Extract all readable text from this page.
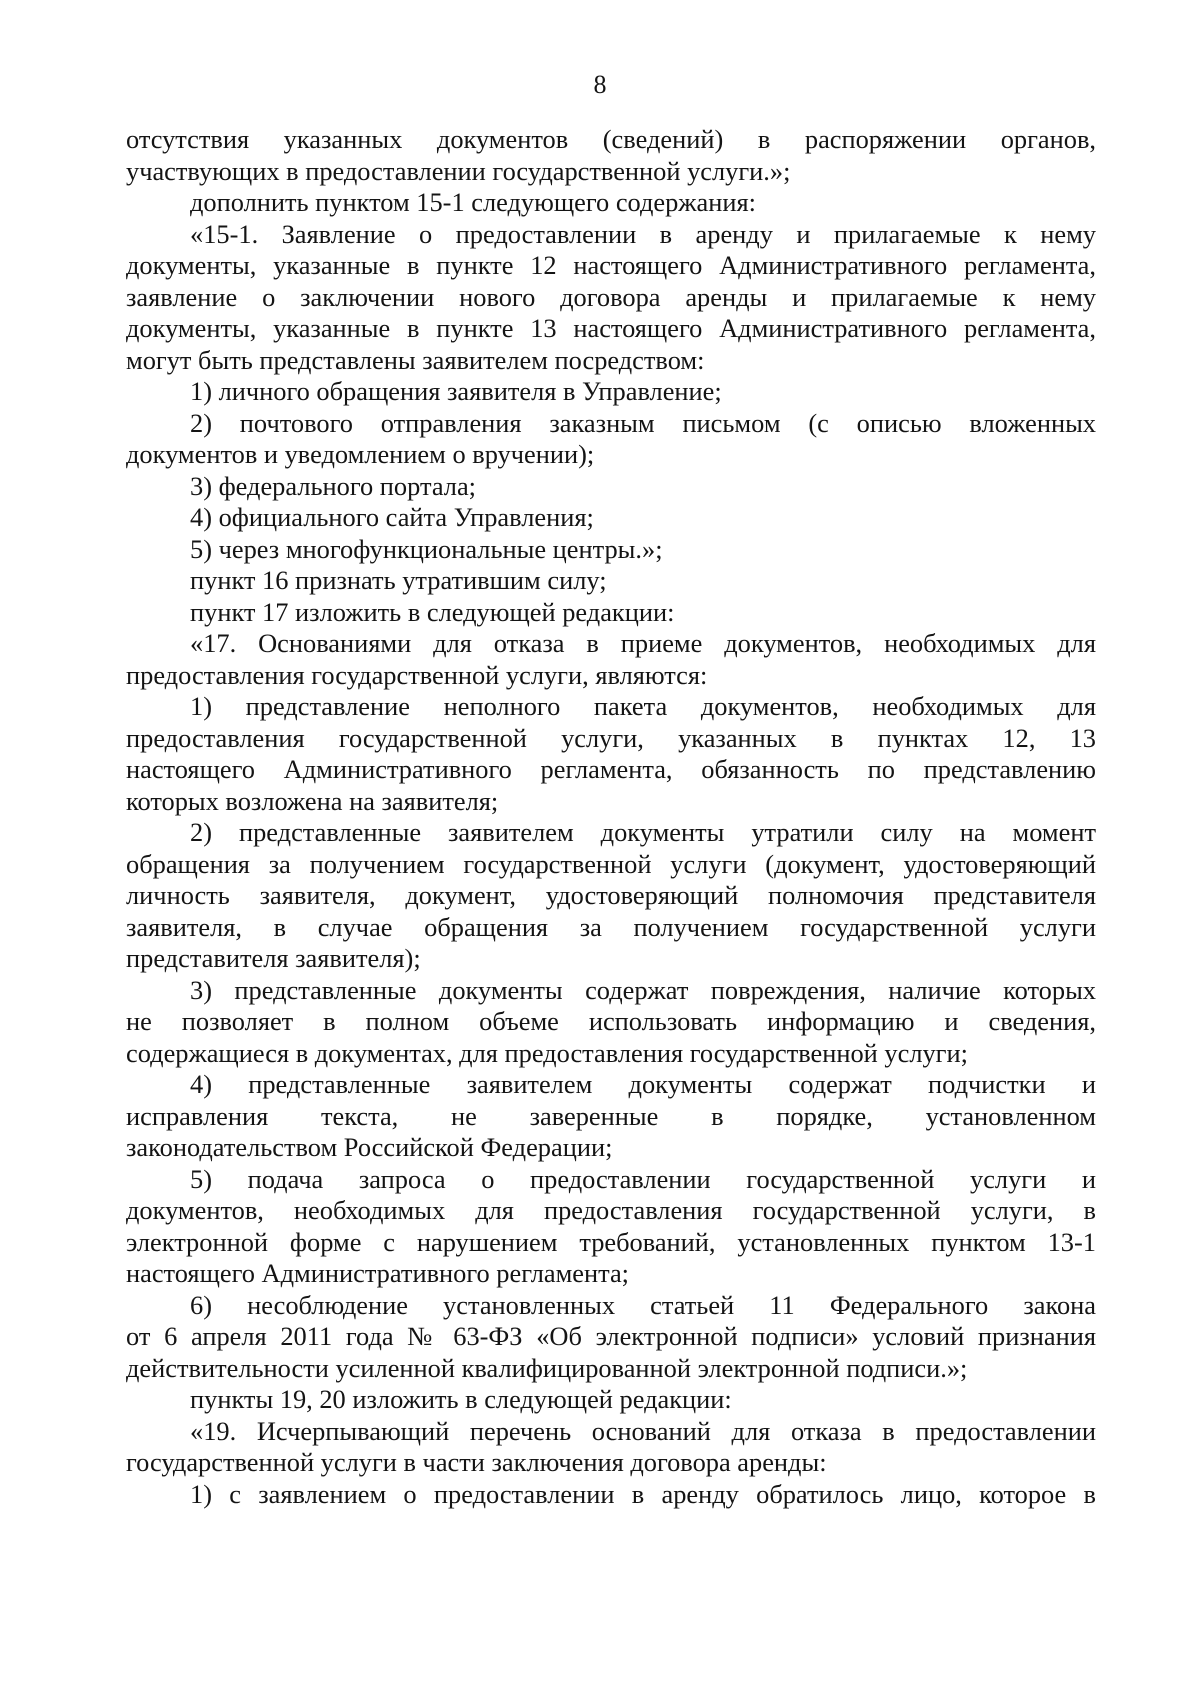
8
отсутствия указанных документов (сведений) в распоряжении органов,
участвующих в предоставлении государственной услуги.»;
дополнить пунктом 15-1 следующего содержания:
«15-1. Заявление о предоставлении в аренду и прилагаемые к нему
документы, указанные в пункте 12 настоящего Административного регламента,
заявление о заключении нового договора аренды и прилагаемые к нему
документы, указанные в пункте 13 настоящего Административного регламента,
могут быть представлены заявителем посредством:
1) личного обращения заявителя в Управление;
2) почтового отправления заказным письмом (с описью вложенных
документов и уведомлением о вручении);
3) федерального портала;
4) официального сайта Управления;
5) через многофункциональные центры.»;
пункт 16 признать утратившим силу;
пункт 17 изложить в следующей редакции:
«17. Основаниями для отказа в приеме документов, необходимых для
предоставления государственной услуги, являются:
1) представление неполного пакета документов, необходимых для
предоставления государственной услуги, указанных в пунктах 12, 13
настоящего Административного регламента, обязанность по представлению
которых возложена на заявителя;
2) представленные заявителем документы утратили силу на момент
обращения за получением государственной услуги (документ, удостоверяющий
личность заявителя, документ, удостоверяющий полномочия представителя
заявителя, в случае обращения за получением государственной услуги
представителя заявителя);
3) представленные документы содержат повреждения, наличие которых
не позволяет в полном объеме использовать информацию и сведения,
содержащиеся в документах, для предоставления государственной услуги;
4) представленные заявителем документы содержат подчистки и
исправления текста, не заверенные в порядке, установленном
законодательством Российской Федерации;
5) подача запроса о предоставлении государственной услуги и
документов, необходимых для предоставления государственной услуги, в
электронной форме с нарушением требований, установленных пунктом 13-1
настоящего Административного регламента;
6) несоблюдение установленных статьей 11 Федерального закона
от 6 апреля 2011 года № 63-ФЗ «Об электронной подписи» условий признания
действительности усиленной квалифицированной электронной подписи.»;
пункты 19, 20 изложить в следующей редакции:
«19. Исчерпывающий перечень оснований для отказа в предоставлении
государственной услуги в части заключения договора аренды:
1) с заявлением о предоставлении в аренду обратилось лицо, которое в
